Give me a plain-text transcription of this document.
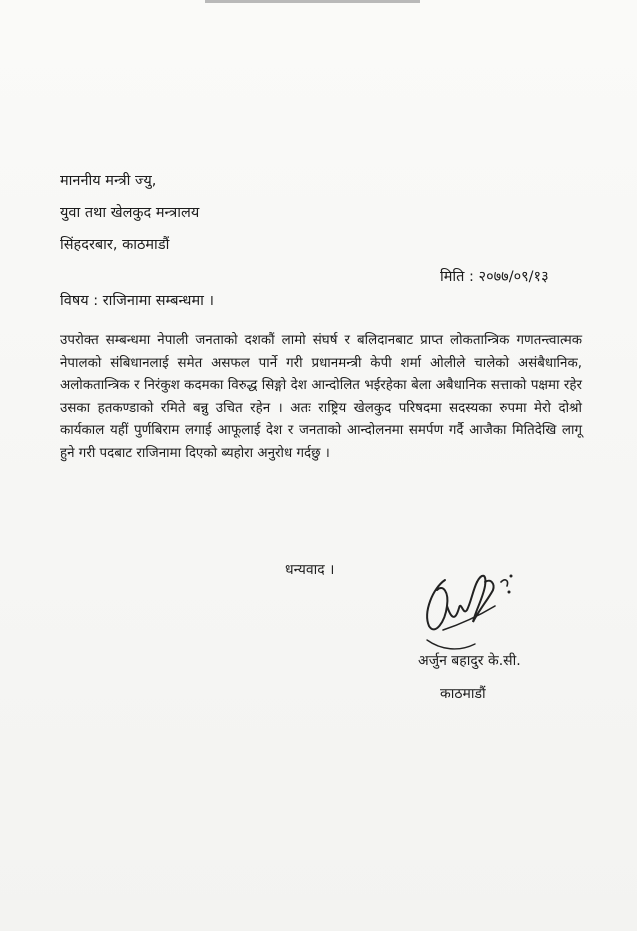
माननीय मन्त्री ज्यु,
युवा तथा खेलकुद मन्त्रालय
सिंहदरबार, काठमाडौं
मिति : २०७७/०९/१३
विषय : राजिनामा सम्बन्धमा ।
उपरोक्त सम्बन्धमा नेपाली जनताको दशकौं लामो संघर्ष र बलिदानबाट प्राप्त लोकतान्त्रिक गणतन्त्वात्मक नेपालको संबिधानलाई समेत असफल पार्ने गरी प्रधानमन्त्री केपी शर्मा ओलीले चालेको असंबैधानिक, अलोकतान्त्रिक र निरंकुश कदमका विरुद्ध सिङ्गो देश आन्दोलित भईरहेका बेला अबैधानिक सत्ताको पक्षमा रहेर उसका हतकण्डाको रमिते बन्नु उचित रहेन । अतः राष्ट्रिय खेलकुद परिषदमा सदस्यका रुपमा मेरो दोश्रो कार्यकाल यहीं पुर्णबिराम लगाई आफूलाई देश र जनताको आन्दोलनमा समर्पण गर्दै आजैका मितिदेखि लागू हुने गरी पदबाट राजिनामा दिएको ब्यहोरा अनुरोध गर्दछु ।
धन्यवाद ।
अर्जुन बहादुर के.सी.
काठमाडौं
